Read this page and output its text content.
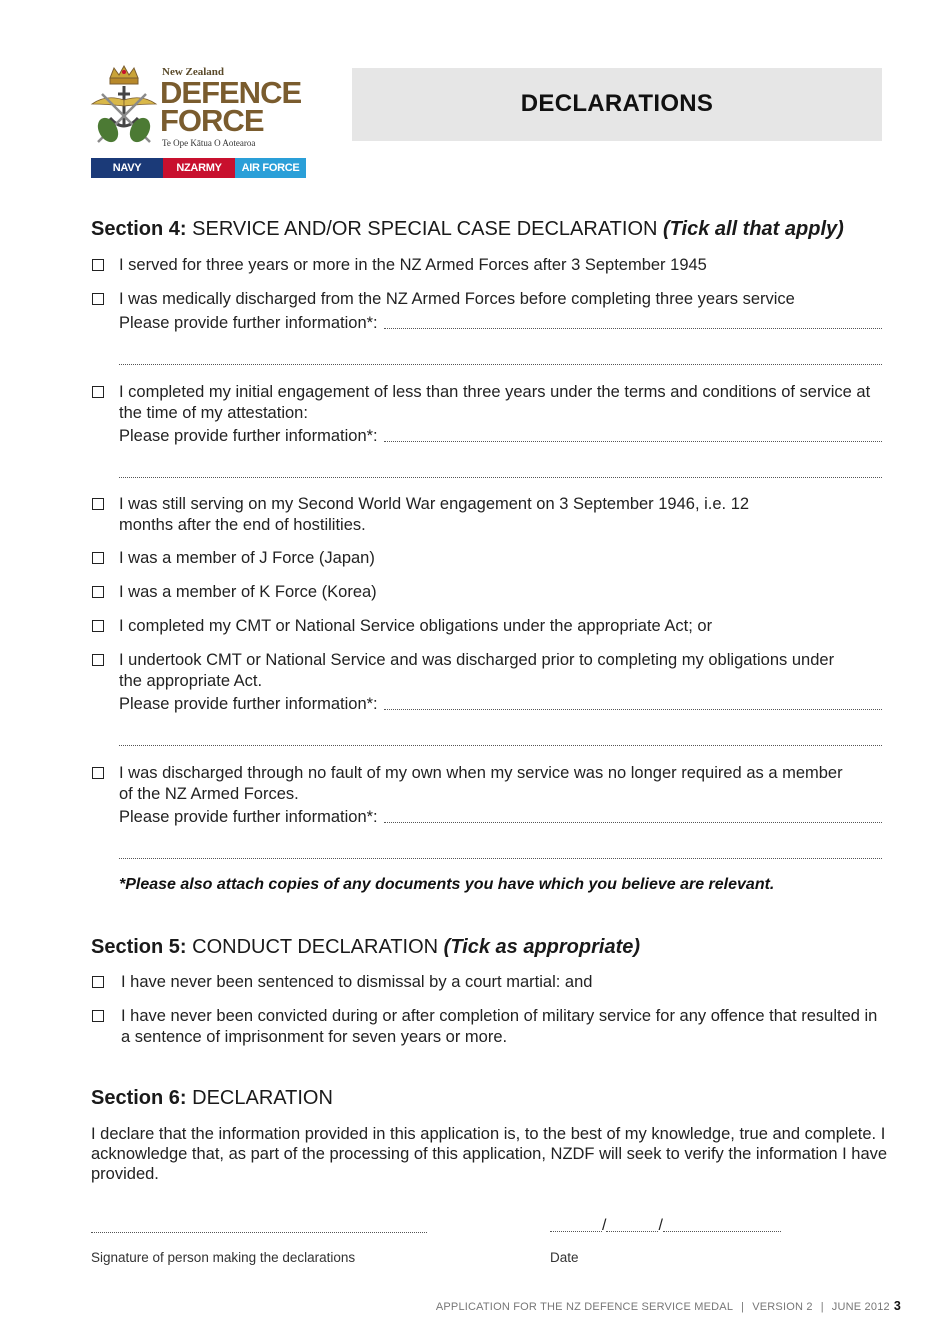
New Zealand
DEFENCE
FORCE
Te Ope Kātua O Aotearoa
NAVY	NZARMY AIR FORCE
DECLARATIONS
Section 4: SERVICE AND/OR SPECIAL CASE DECLARATION (Tick all that apply)
I served for three years or more in the NZ Armed Forces after 3 September 1945
I was medically discharged from the NZ Armed Forces before completing three years service
Please provide further information*:
I completed my initial engagement of less than three years under the terms and conditions of service at the time of my attestation:
Please provide further information*:
I was still serving on my Second World War engagement on 3 September 1946, i.e. 12 months after the end of hostilities.
I was a member of J Force (Japan)
I was a member of K Force (Korea)
I completed my CMT or National Service obligations under the appropriate Act; or
I undertook CMT or National Service and was discharged prior to completing my obligations under the appropriate Act.
Please provide further information*:
I was discharged through no fault of my own when my service was no longer required as a member of the NZ Armed Forces.
Please provide further information*:
*Please also attach copies of any documents you have which you believe are relevant.
Section 5: CONDUCT DECLARATION (Tick as appropriate)
I have never been sentenced to dismissal by a court martial: and
I have never been convicted during or after completion of military service for any offence that resulted in a sentence of imprisonment for seven years or more.
Section 6: DECLARATION
I declare that the information provided in this application is, to the best of my knowledge, true and complete. I acknowledge that, as part of the processing of this application, NZDF will seek to verify the information I have provided.
/	/
Signature of person making the declarations	Date
APPLICATION FOR THE NZ DEFENCE SERVICE MEDAL | VERSION 2 | JUNE 2012 3
